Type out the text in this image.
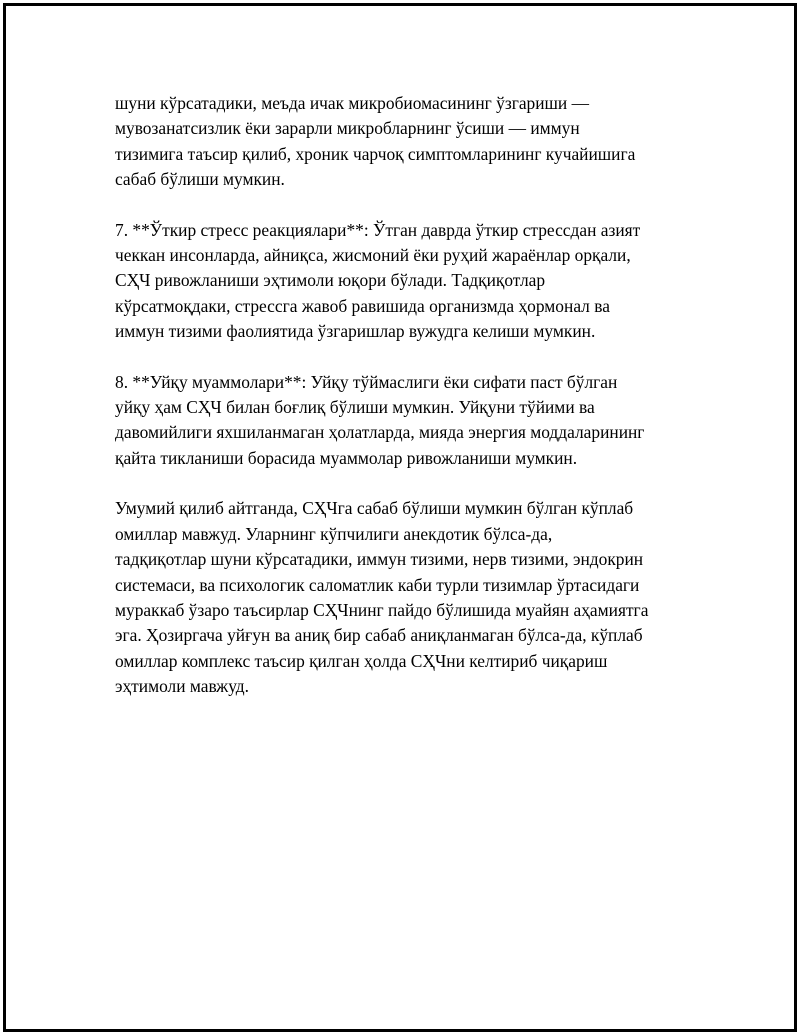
шуни кўрсатадики, меъда ичак микробиомасининг ўзгариши —
мувозанатсизлик ёки зарарли микробларнинг ўсиши — иммун
тизимига таъсир қилиб, хроник чарчоқ симптомларининг кучайишига
сабаб бўлиши мумкин.

7. **Ўткир стресс реакциялари**: Ўтган даврда ўткир стрессдан азият
чеккан инсонларда, айниқса, жисмоний ёки руҳий жараёнлар орқали,
СҲЧ ривожланиши эҳтимоли юқори бўлади. Тадқиқотлар
кўрсатмоқдаки, стрессга жавоб равишида организмда ҳормонал ва
иммун тизими фаолиятида ўзгаришлар вужудга келиши мумкин.

8. **Уйқу муаммолари**: Уйқу тўймаслиги ёки сифати паст бўлган
уйқу ҳам СҲЧ билан боғлиқ бўлиши мумкин. Уйқуни тўйими ва
давомийлиги яхшиланмаган ҳолатларда, мияда энергия моддаларининг
қайта тикланиши борасида муаммолар ривожланиши мумкин.

Умумий қилиб айтганда, СҲЧга сабаб бўлиши мумкин бўлган кўплаб
омиллар мавжуд. Уларнинг кўпчилиги анекдотик бўлса-да,
тадқиқотлар шуни кўрсатадики, иммун тизими, нерв тизими, эндокрин
системаси, ва психологик саломатлик каби турли тизимлар ўртасидаги
мураккаб ўзаро таъсирлар СҲЧнинг пайдо бўлишида муайян аҳамиятга
эга. Ҳозиргача уйғун ва аниқ бир сабаб аниқланмаган бўлса-да, кўплаб
омиллар комплекс таъсир қилган ҳолда СҲЧни келтириб чиқариш
эҳтимоли мавжуд.
